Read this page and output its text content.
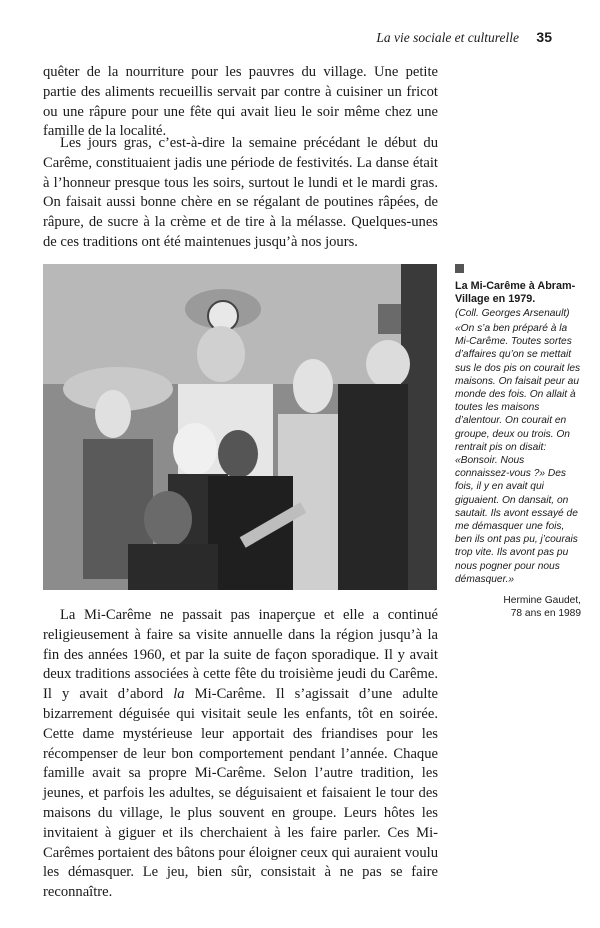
La vie sociale et culturelle 35

quêter de la nourriture pour les pauvres du village. Une petite partie des aliments recueillis servait par contre à cuisiner un fricot ou une râpure pour une fête qui avait lieu le soir même chez une famille de la localité.

Les jours gras, c’est-à-dire la semaine précédant le début du Carême, constituaient jadis une période de festivités. La danse était à l’honneur presque tous les soirs, surtout le lundi et le mardi gras. On faisait aussi bonne chère en se régalant de poutines râpées, de râpure, de sucre à la crème et de tire à la mélasse. Quelques-unes de ces traditions ont été maintenues jusqu’à nos jours.

La Mi-Carême à Abram-Village en 1979.
(Coll. Georges Arsenault)
«On s’a ben préparé à la Mi-Carême. Toutes sortes d’affaires qu’on se mettait sus le dos pis on courait les maisons. On faisait peur au monde des fois. On allait à toutes les maisons d’alentour. On courait en groupe, deux ou trois. On rentrait pis on disait: «Bonsoir. Nous connaissez-vous ?» Des fois, il y en avait qui giguaient. On dansait, on sautait. Ils avont essayé de me démasquer une fois, ben ils ont pas pu, j’courais trop vite. Ils avont pas pu nous pogner pour nous démasquer.»
Hermine Gaudet,
78 ans en 1989

La Mi-Carême ne passait pas inaperçue et elle a continué religieusement à faire sa visite annuelle dans la région jusqu’à la fin des années 1960, et par la suite de façon sporadique. Il y avait deux traditions associées à cette fête du troisième jeudi du Carême. Il y avait d’abord la Mi-Carême. Il s’agissait d’une adulte bizarrement déguisée qui visitait seule les enfants, tôt en soirée. Cette dame mystérieuse leur apportait des friandises pour les récompenser de leur bon comportement pendant l’année. Chaque famille avait sa propre Mi-Carême. Selon l’autre tradition, les jeunes, et parfois les adultes, se déguisaient et faisaient le tour des maisons du village, le plus souvent en groupe. Leurs hôtes les invitaient à giguer et ils cherchaient à les faire parler. Ces Mi-Carêmes portaient des bâtons pour éloigner ceux qui auraient voulu les démasquer. Le jeu, bien sûr, consistait à ne pas se faire reconnaître.
